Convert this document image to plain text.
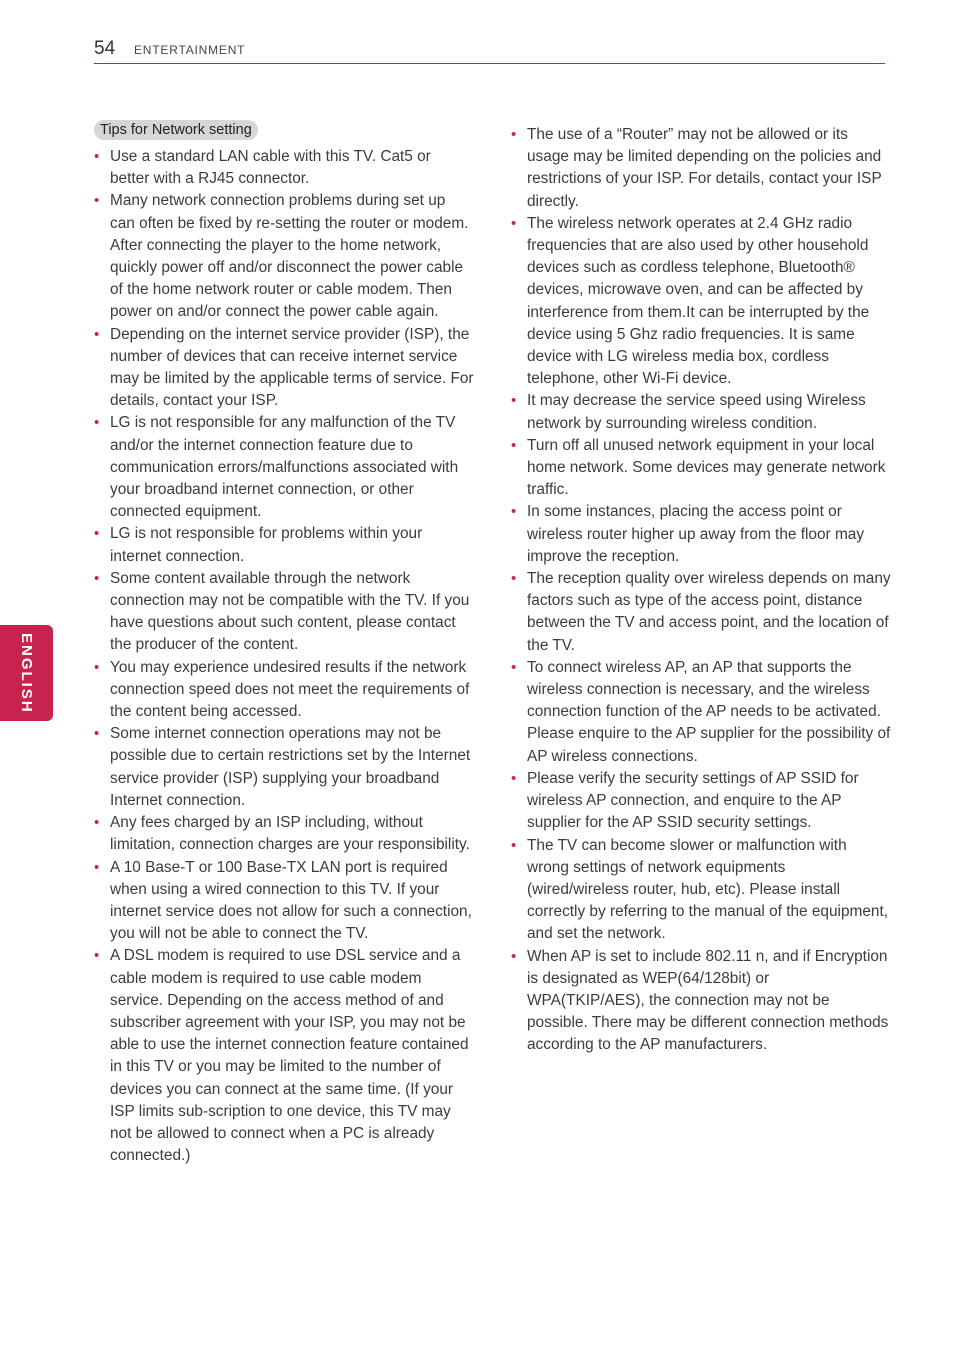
54 ENTERTAINMENT
ENGLISH
Tips for Network setting
• Use a standard LAN cable with this TV. Cat5 or better with a RJ45 connector.
• Many network connection problems during set up can often be fixed by re-setting the router or modem. After connecting the player to the home network, quickly power off and/or disconnect the power cable of the home network router or cable modem. Then power on and/or connect the power cable again.
• Depending on the internet service provider (ISP), the number of devices that can receive internet service may be limited by the applicable terms of service. For details, contact your ISP.
• LG is not responsible for any malfunction of the TV and/or the internet connection feature due to communication errors/malfunctions associated with your broadband internet connection, or other connected equipment.
• LG is not responsible for problems within your internet connection.
• Some content available through the network connection may not be compatible with the TV. If you have questions about such content, please contact the producer of the content.
• You may experience undesired results if the network connection speed does not meet the requirements of the content being accessed.
• Some internet connection operations may not be possible due to certain restrictions set by the Internet service provider (ISP) supplying your broadband Internet connection.
• Any fees charged by an ISP including, without limitation, connection charges are your responsibility.
• A 10 Base-T or 100 Base-TX LAN port is required when using a wired connection to this TV. If your internet service does not allow for such a connection, you will not be able to connect the TV.
• A DSL modem is required to use DSL service and a cable modem is required to use cable modem service. Depending on the access method of and subscriber agreement with your ISP, you may not be able to use the internet connection feature contained in this TV or you may be limited to the number of devices you can connect at the same time. (If your ISP limits sub-scription to one device, this TV may not be allowed to connect when a PC is already connected.)
• The use of a “Router” may not be allowed or its usage may be limited depending on the policies and restrictions of your ISP. For details, contact your ISP directly.
• The wireless network operates at 2.4 GHz radio frequencies that are also used by other household devices such as cordless telephone, Bluetooth® devices, microwave oven, and can be affected by interference from them.It can be interrupted by the device using 5 Ghz radio frequencies. It is same device with LG wireless media box, cordless telephone, other Wi-Fi device.
• It may decrease the service speed using Wireless network by surrounding wireless condition.
• Turn off all unused network equipment in your local home network. Some devices may generate network traffic.
• In some instances, placing the access point or wireless router higher up away from the floor may improve the reception.
• The reception quality over wireless depends on many factors such as type of the access point, distance between the TV and access point, and the location of the TV.
• To connect wireless AP, an AP that supports the wireless connection is necessary, and the wireless connection function of the AP needs to be activated. Please enquire to the AP supplier for the possibility of AP wireless connections.
• Please verify the security settings of AP SSID for wireless AP connection, and enquire to the AP supplier for the AP SSID security settings.
• The TV can become slower or malfunction with wrong settings of network equipments (wired/wireless router, hub, etc). Please install correctly by referring to the manual of the equipment, and set the network.
• When AP is set to include 802.11 n, and if Encryption is designated as WEP(64/128bit) or WPA(TKIP/AES), the connection may not be possible. There may be different connection methods according to the AP manufacturers.
